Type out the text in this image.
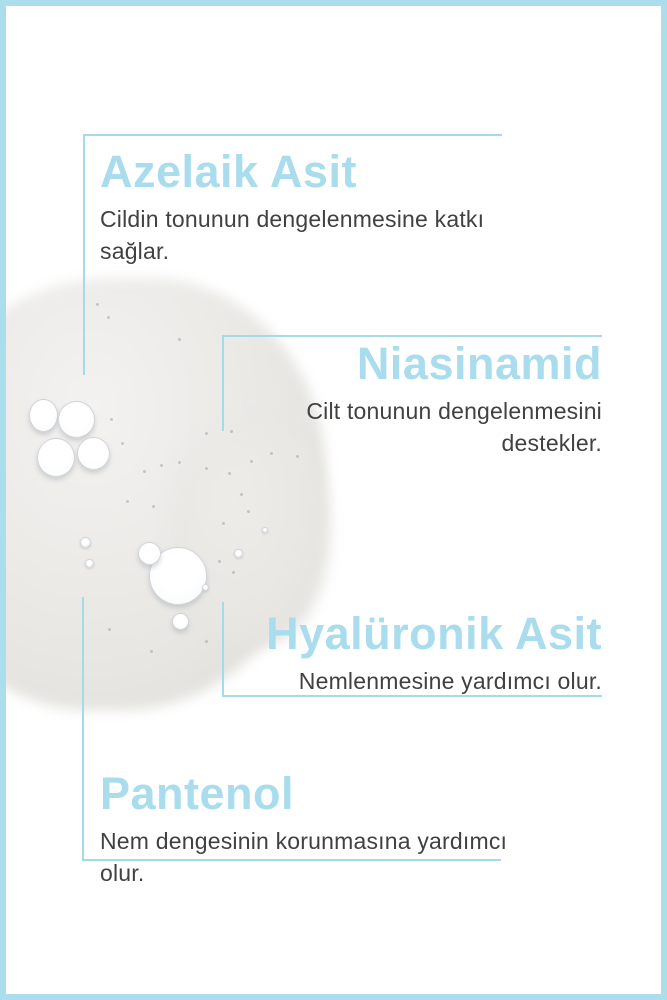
Azelaik Asit

Cildin tonunun dengelenmesine katkı sağlar.

Niasinamid

Cilt tonunun dengelenmesini destekler.

Hyalüronik Asit

Nemlenmesine yardımcı olur.

Pantenol

Nem dengesinin korunmasına yardımcı olur.
